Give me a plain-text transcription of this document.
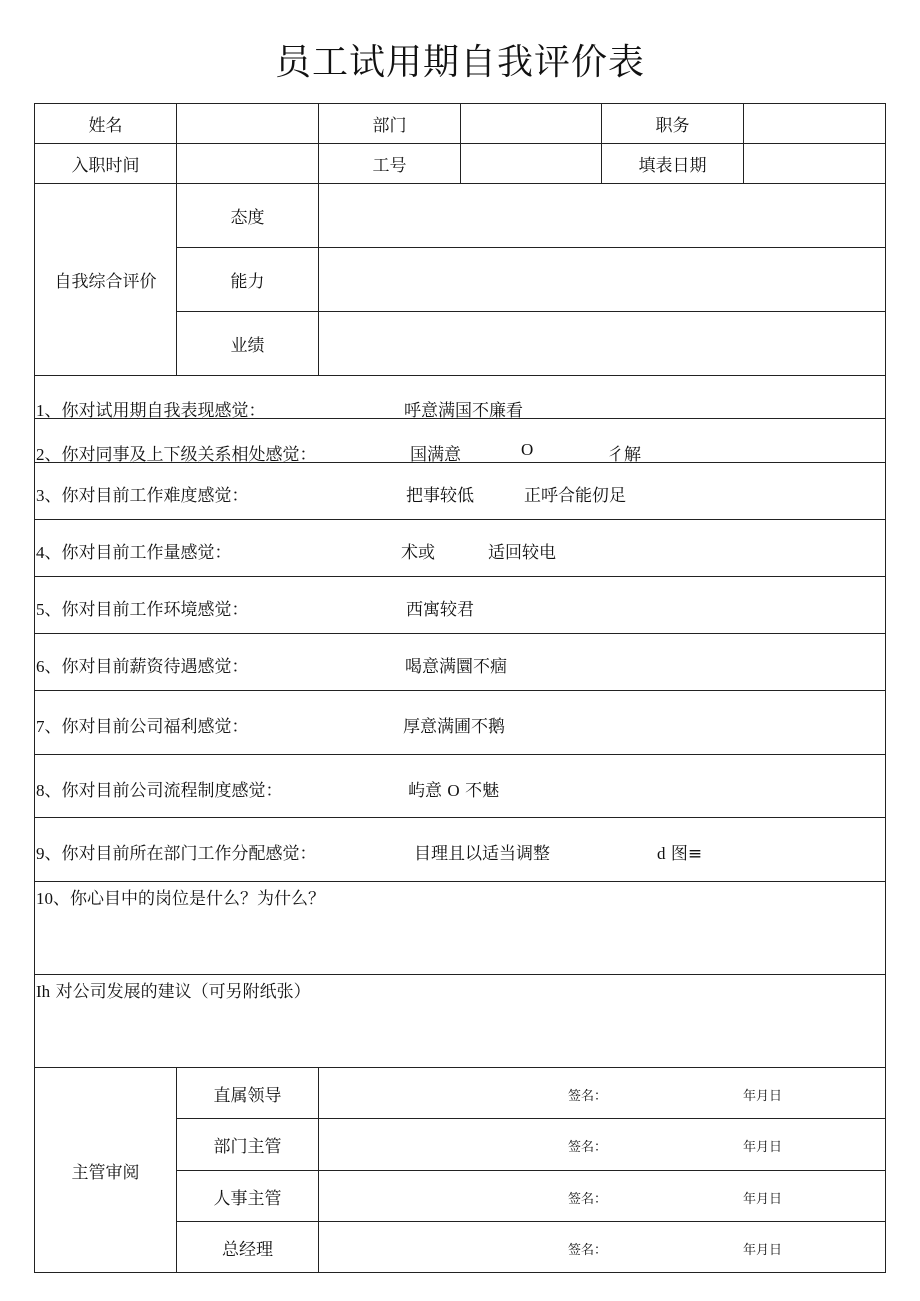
员工试用期自我评价表
姓名	部门	职务
入职时间	工号	填表日期
自我综合评价
态度
能力
业绩
1、你对试用期自我表现感觉：	呼意满国不廉看
2、你对同事及上下级关系相处感觉：	国满意	O	彳解
3、你对目前工作难度感觉：	把事较低	正呼合能仞足
4、你对目前工作量感觉：	术或	适回较电
5、你对目前工作环境感觉：	西寓较君
6、你对目前薪资待遇感觉：	喝意满圜不痼
7、你对目前公司福利感觉：	厚意满圃不鹅
8、你对目前公司流程制度感觉：	屿意 O 不魅
9、你对目前所在部门工作分配感觉：	目理且以适当调整	d 图≡
10、你心目中的岗位是什么？为什么？
Ih 对公司发展的建议（可另附纸张）
主管审阅
直属领导	签名：	年月日
部门主管	签名：	年月日
人事主管	签名：	年月日
总经理	签名：	年月日
